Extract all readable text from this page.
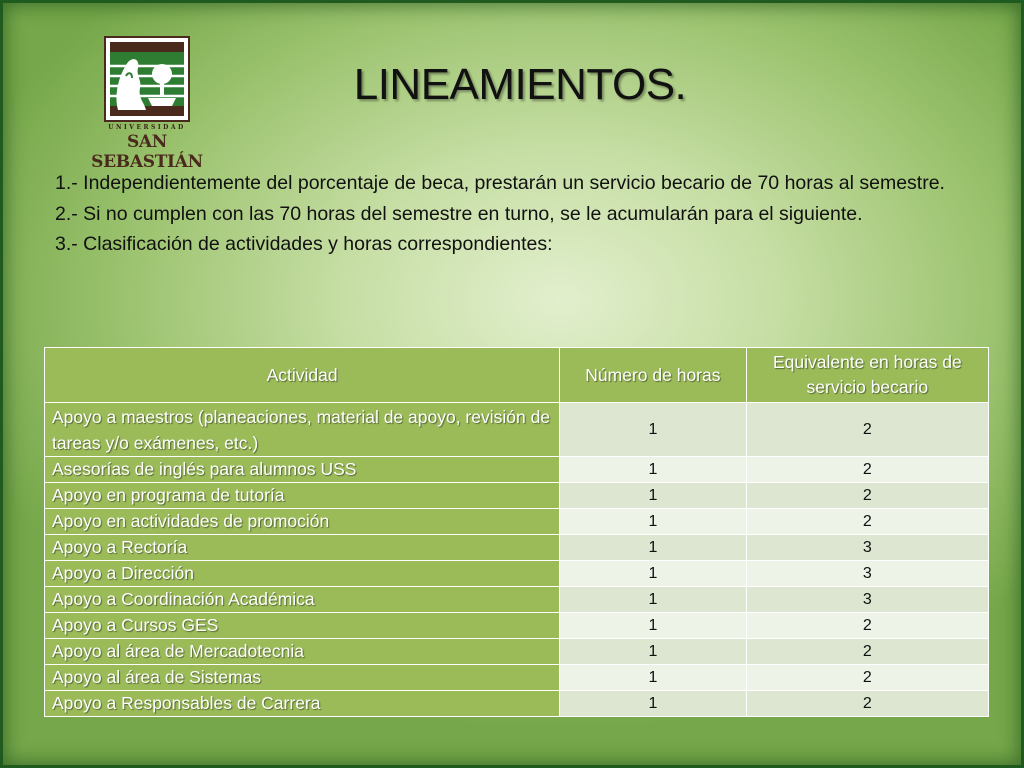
UNIVERSIDAD
SAN SEBASTIÁN
LINEAMIENTOS.

1.- Independientemente del porcentaje de beca, prestarán un servicio becario de 70 horas al semestre.

2.- Si no cumplen con las 70 horas del semestre en turno, se le acumularán para el siguiente.

3.- Clasificación de actividades y horas correspondientes:

Actividad	Número de horas	Equivalente en horas de servicio becario
Apoyo a maestros (planeaciones, material de apoyo, revisión de tareas y/o exámenes, etc.)	1	2
Asesorías de inglés para alumnos USS	1	2
Apoyo en programa de tutoría	1	2
Apoyo en actividades de promoción	1	2
Apoyo a Rectoría	1	3
Apoyo a Dirección	1	3
Apoyo a Coordinación Académica	1	3
Apoyo a Cursos GES	1	2
Apoyo al área de Mercadotecnia	1	2
Apoyo al área de Sistemas	1	2
Apoyo a Responsables de Carrera	1	2
